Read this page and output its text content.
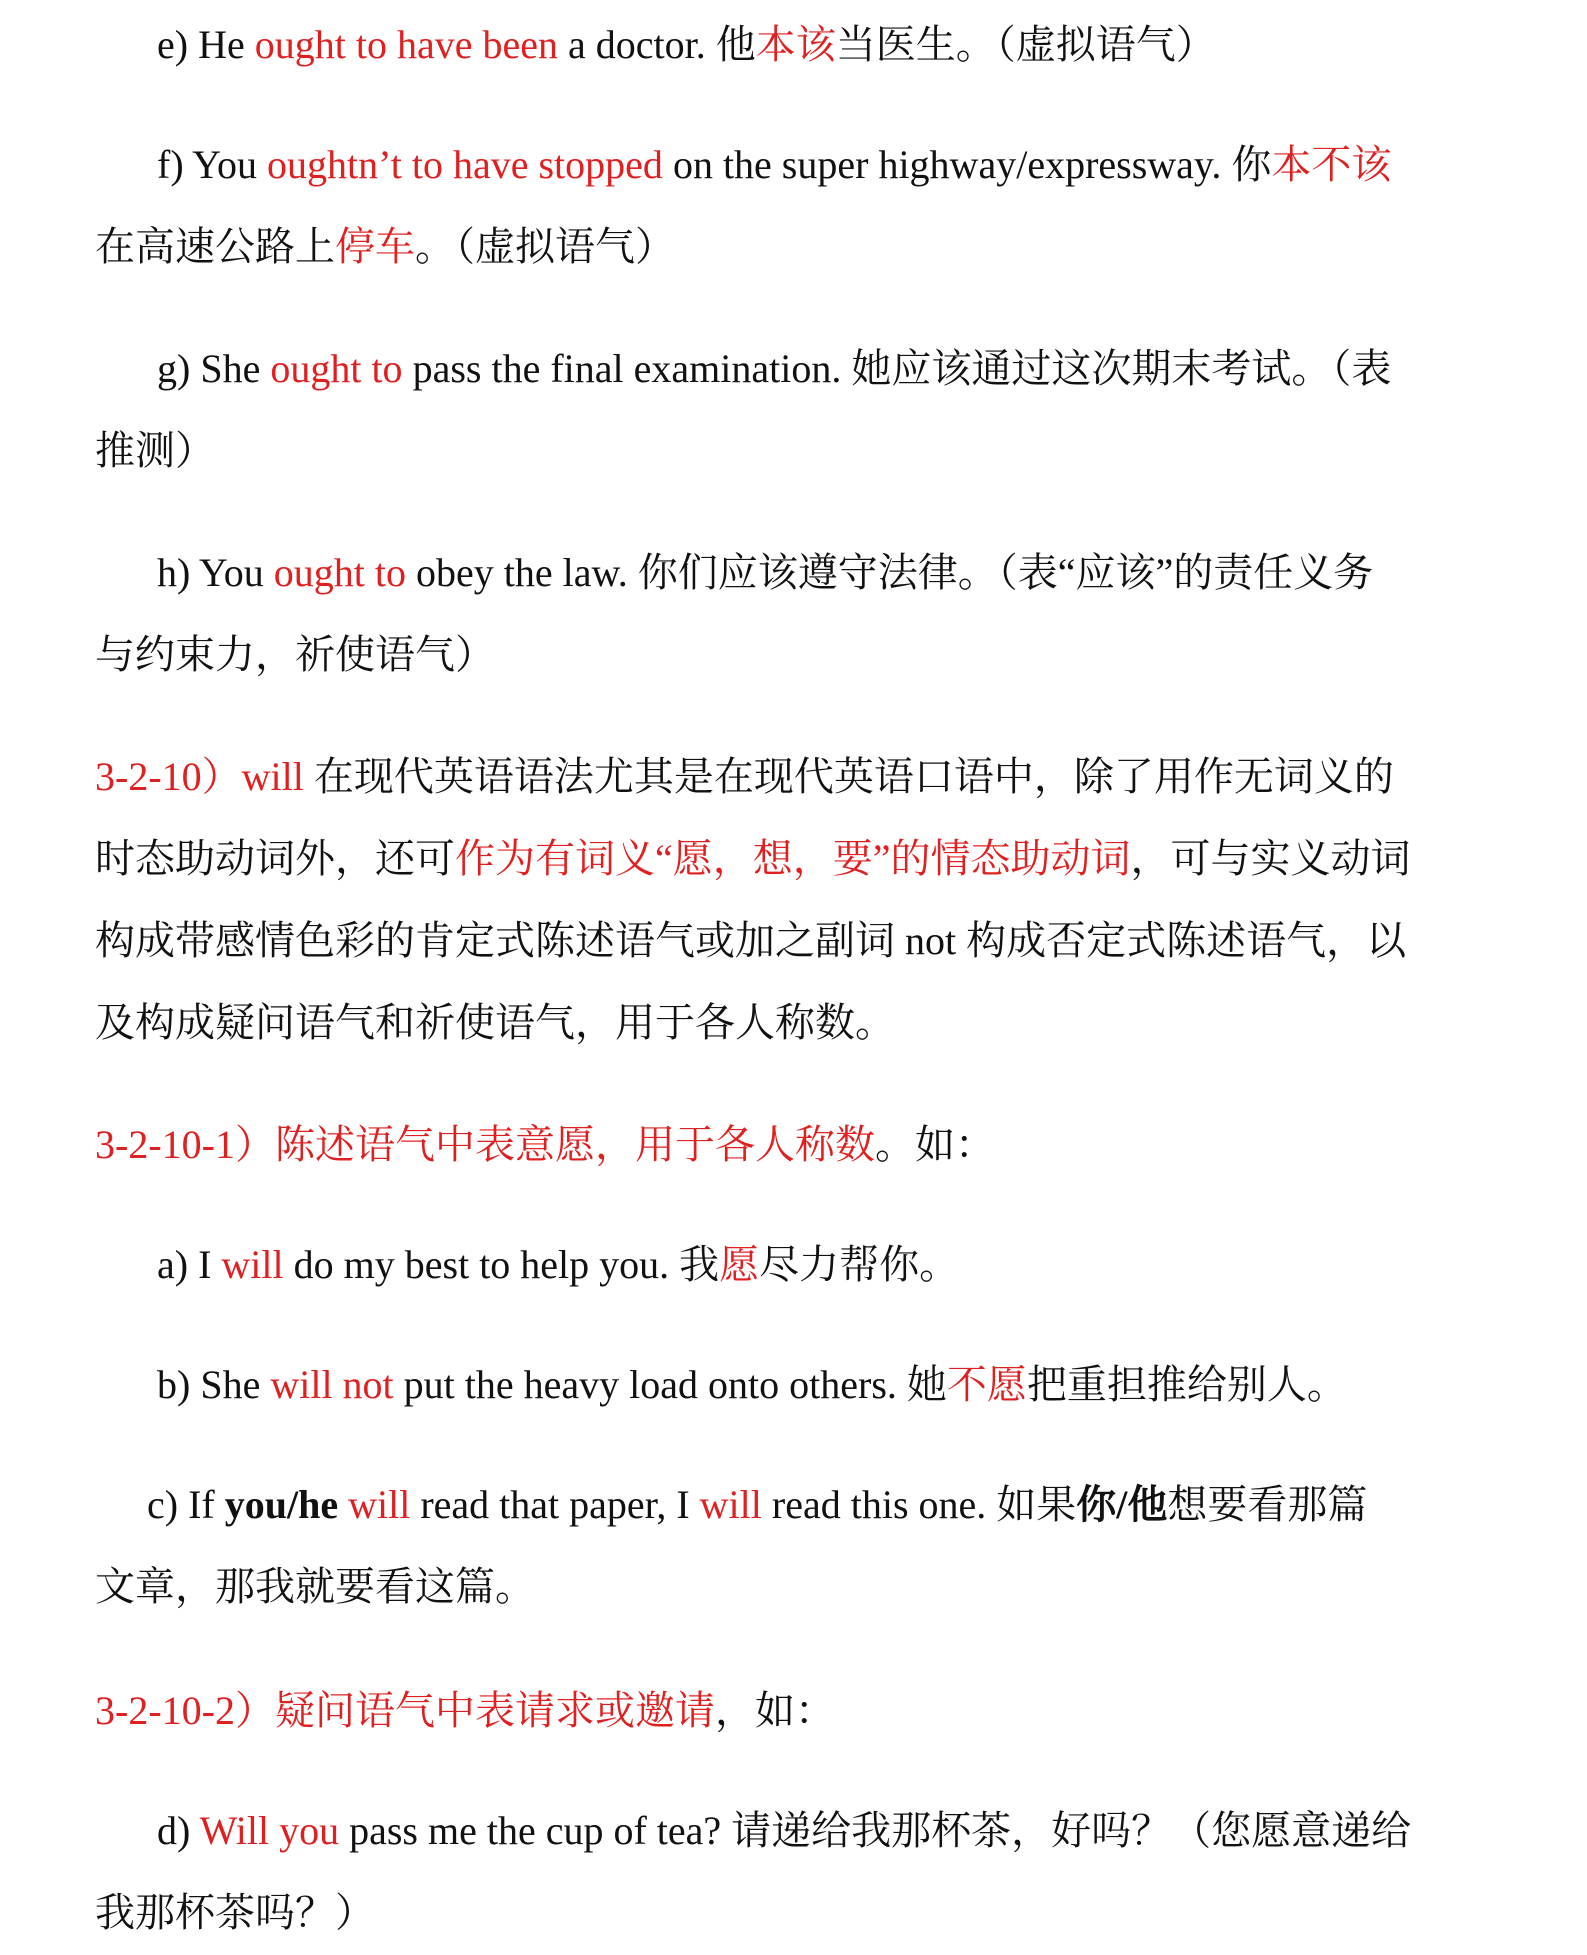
e) He ought to have been a doctor. 他本该当医生。（虚拟语气）

f) You oughtn’t to have stopped on the super highway/expressway. 你本不该
在高速公路上停车。（虚拟语气）

g) She ought to pass the final examination. 她应该通过这次期末考试。（表
推测）

h) You ought to obey the law. 你们应该遵守法律。（表“应该”的责任义务
与约束力，祈使语气）

3-2-10）will 在现代英语语法尤其是在现代英语口语中，除了用作无词义的
时态助动词外，还可作为有词义“愿，想，要”的情态助动词，可与实义动词
构成带感情色彩的肯定式陈述语气或加之副词 not 构成否定式陈述语气，以
及构成疑问语气和祈使语气，用于各人称数。

3-2-10-1）陈述语气中表意愿，用于各人称数。如：

a) I will do my best to help you. 我愿尽力帮你。

b) She will not put the heavy load onto others. 她不愿把重担推给别人。

c) If you/he will read that paper, I will read this one. 如果你/他想要看那篇
文章，那我就要看这篇。

3-2-10-2）疑问语气中表请求或邀请，如：

d) Will you pass me the cup of tea? 请递给我那杯茶，好吗？（您愿意递给
我那杯茶吗？）
